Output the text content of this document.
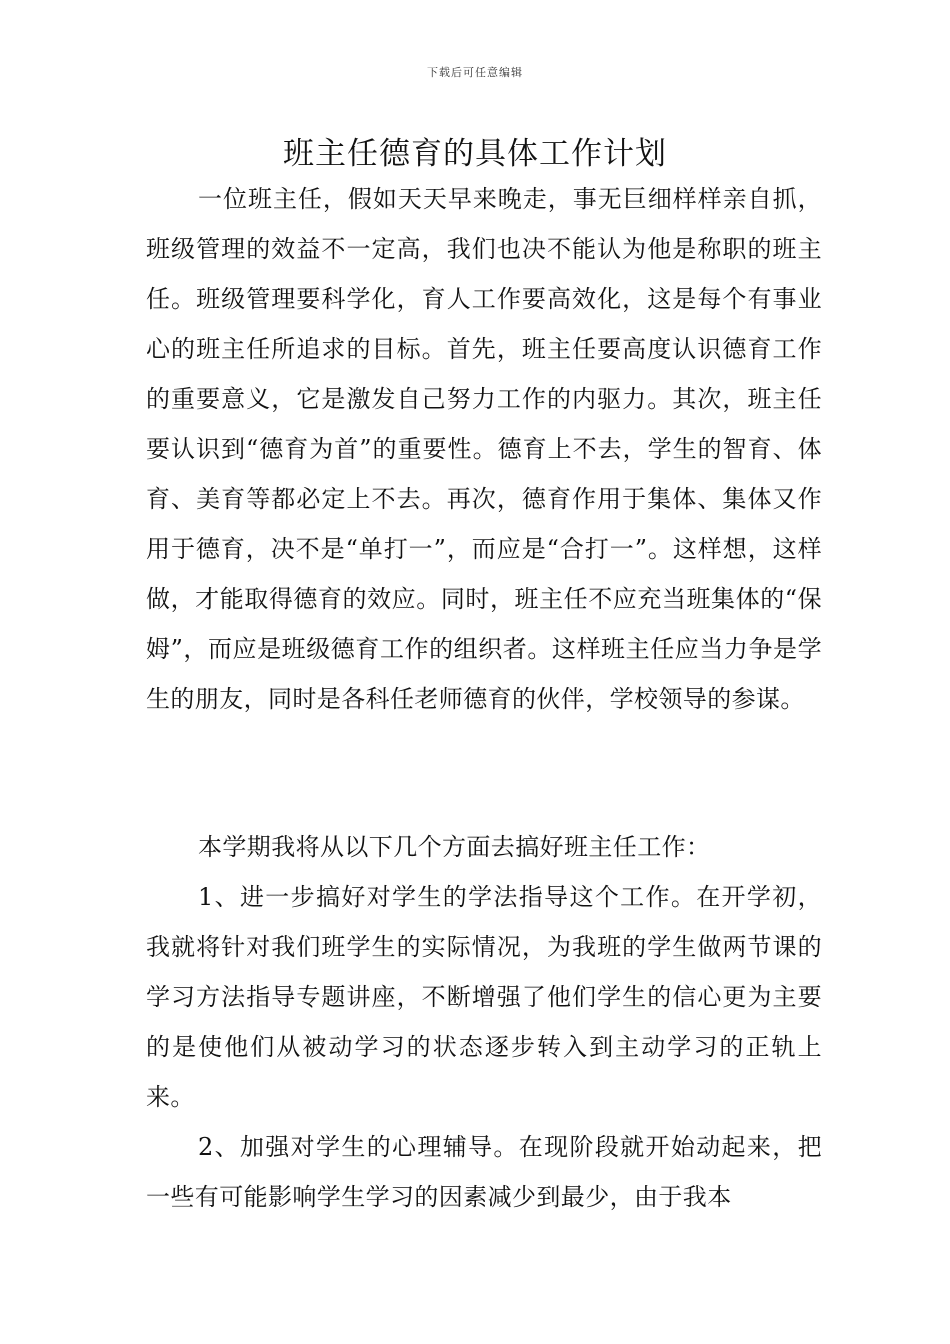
下载后可任意编辑
班主任德育的具体工作计划

一位班主任，假如天天早来晚走，事无巨细样样亲自抓，班级管理的效益不一定高，我们也决不能认为他是称职的班主任。班级管理要科学化，育人工作要高效化，这是每个有事业心的班主任所追求的目标。首先，班主任要高度认识德育工作的重要意义，它是激发自己努力工作的内驱力。其次，班主任要认识到“德育为首”的重要性。德育上不去，学生的智育、体育、美育等都必定上不去。再次，德育作用于集体、集体又作用于德育，决不是“单打一”，而应是“合打一”。这样想，这样做，才能取得德育的效应。同时，班主任不应充当班集体的“保姆”，而应是班级德育工作的组织者。这样班主任应当力争是学生的朋友，同时是各科任老师德育的伙伴，学校领导的参谋。

本学期我将从以下几个方面去搞好班主任工作：

1、进一步搞好对学生的学法指导这个工作。在开学初，我就将针对我们班学生的实际情况，为我班的学生做两节课的学习方法指导专题讲座，不断增强了他们学生的信心更为主要的是使他们从被动学习的状态逐步转入到主动学习的正轨上来。

2、加强对学生的心理辅导。在现阶段就开始动起来，把一些有可能影响学生学习的因素减少到最少，由于我本
